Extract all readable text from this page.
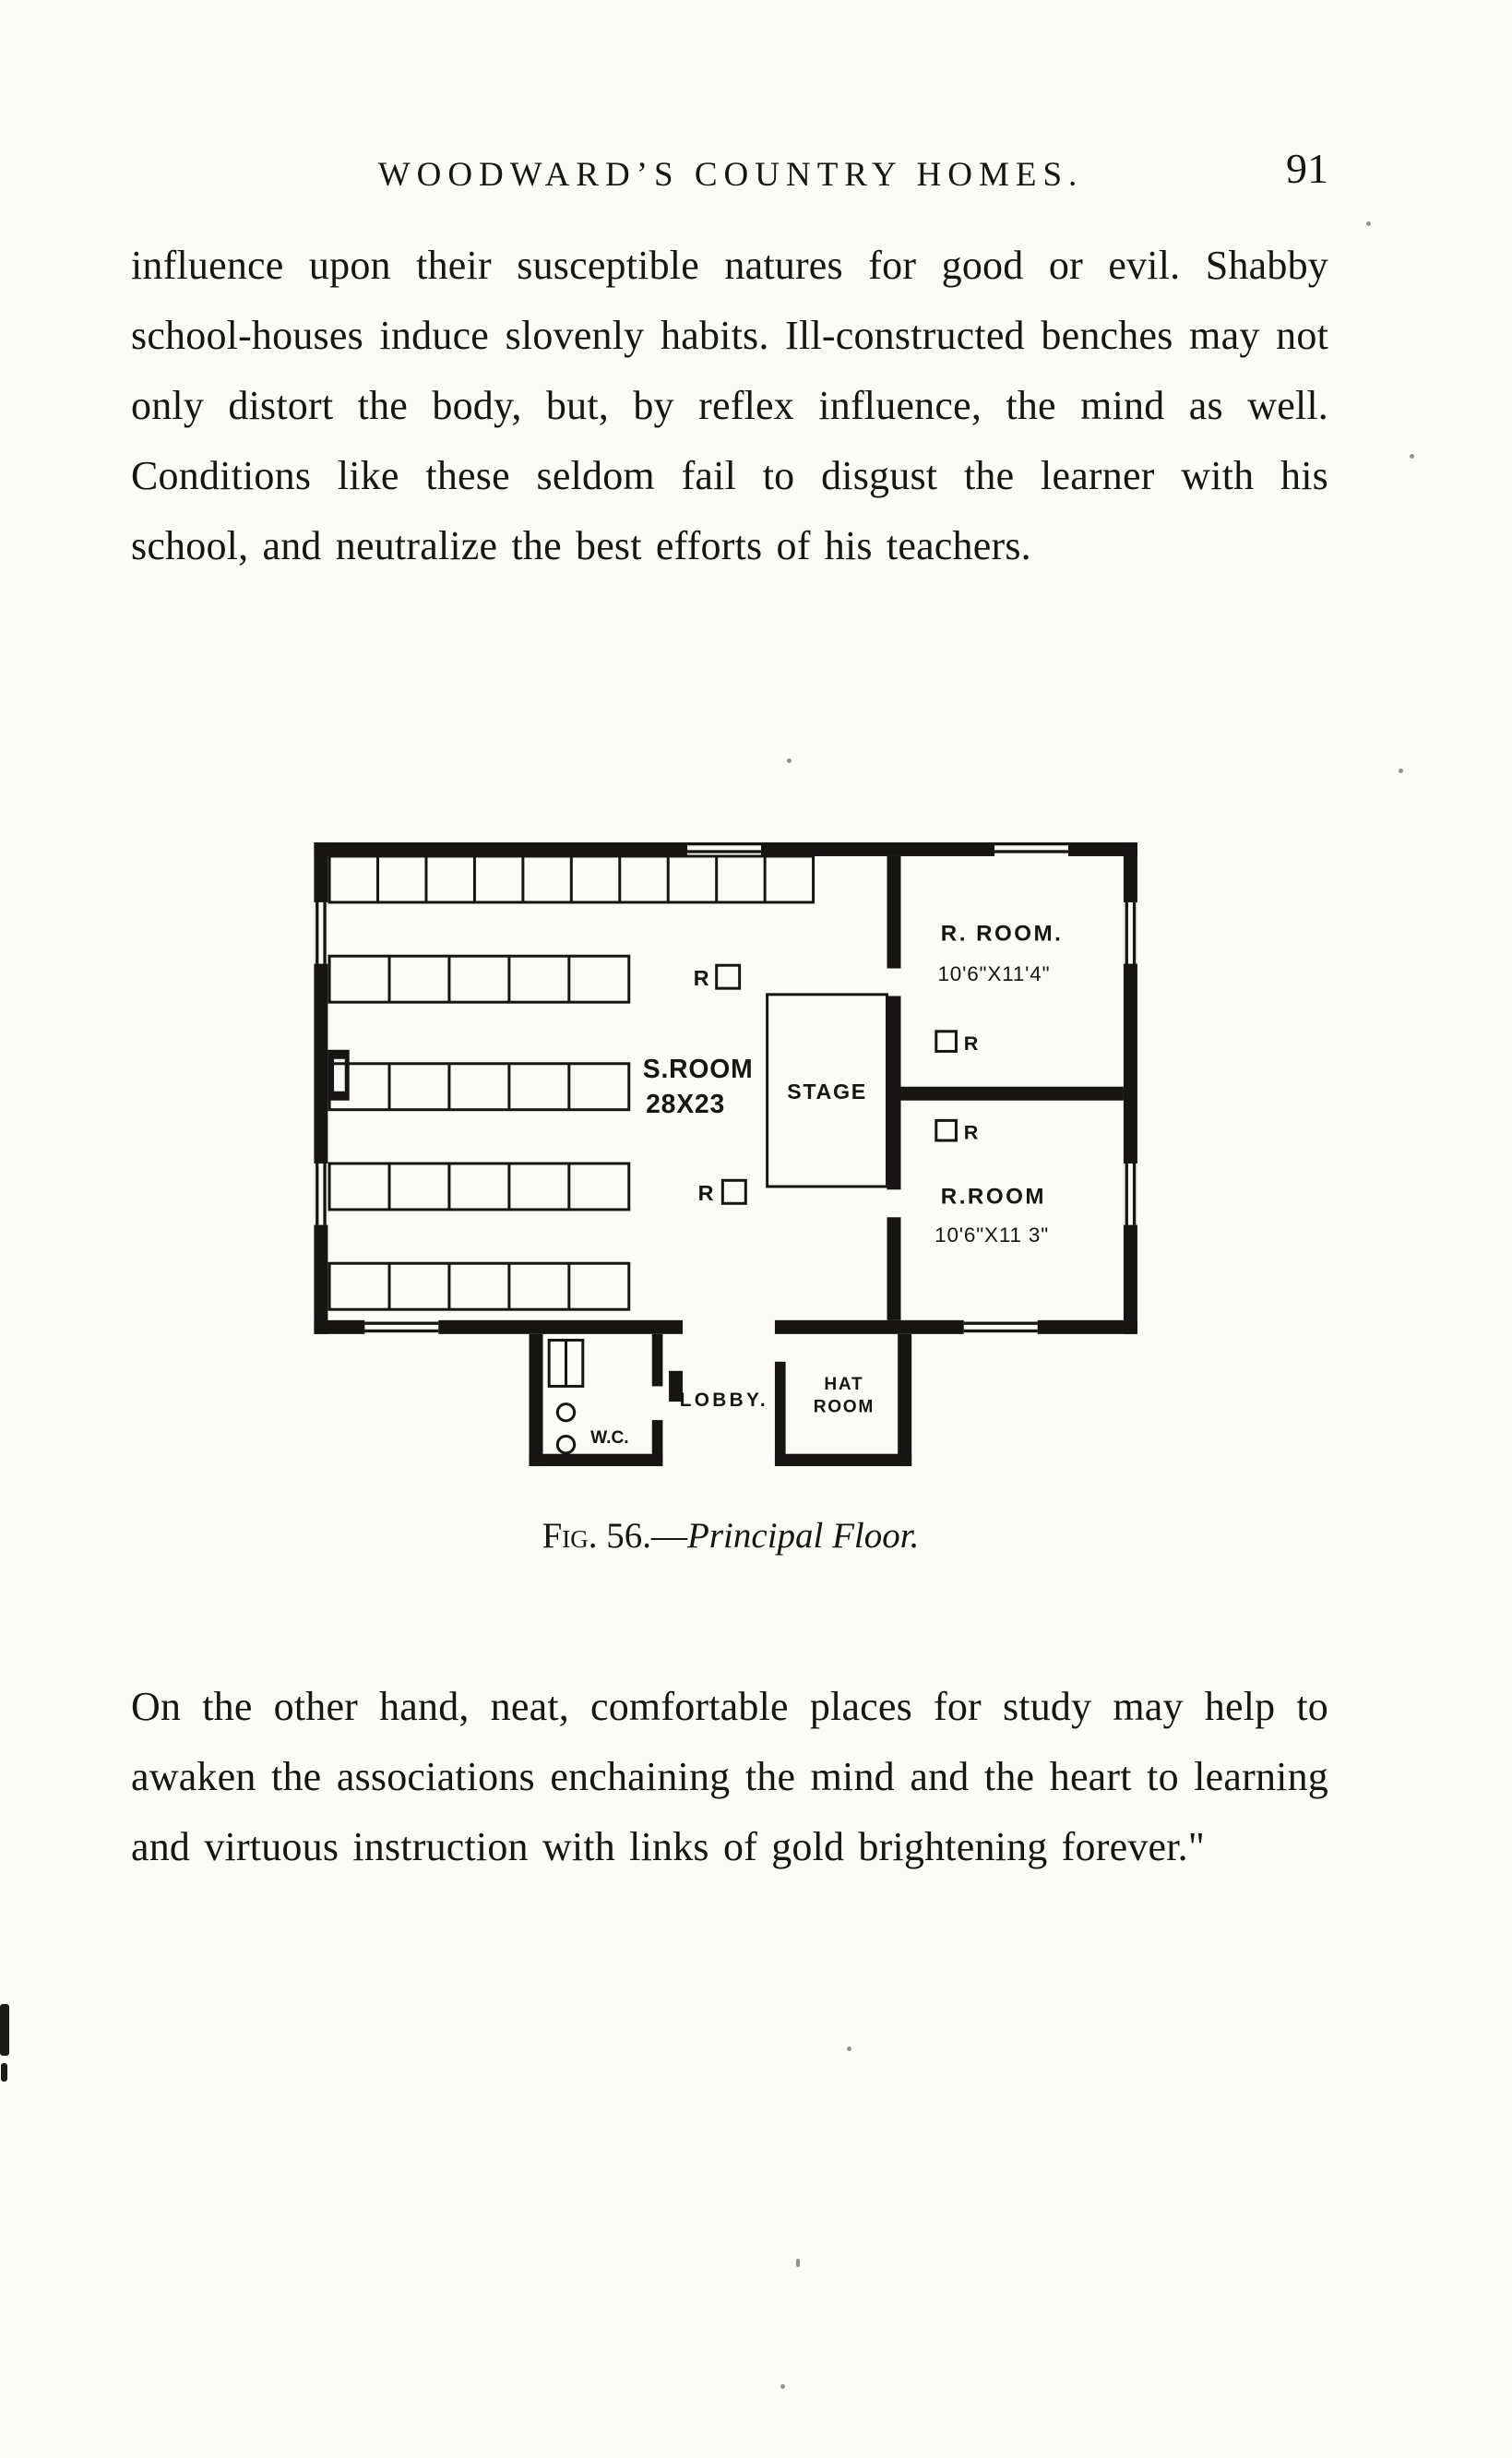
WOODWARD’S COUNTRY HOMES.	91

influence upon their susceptible natures for good or evil. Shabby school-houses induce slovenly habits. Ill-constructed benches may not only distort the body, but, by reflex influence, the mind as well. Conditions like these seldom fail to disgust the learner with his school, and neutralize the best efforts of his teachers.

S.ROOM
28X23	STAGE
R. ROOM.
10'6"X11'4"
R.ROOM
10'6"X11 3"
R
R
R
R
LOBBY.
HAT
ROOM
W.C.
Fig. 56.—Principal Floor.

On the other hand, neat, comfortable places for study may help to awaken the associations enchaining the mind and the heart to learning and virtuous instruction with links of gold brightening forever."
